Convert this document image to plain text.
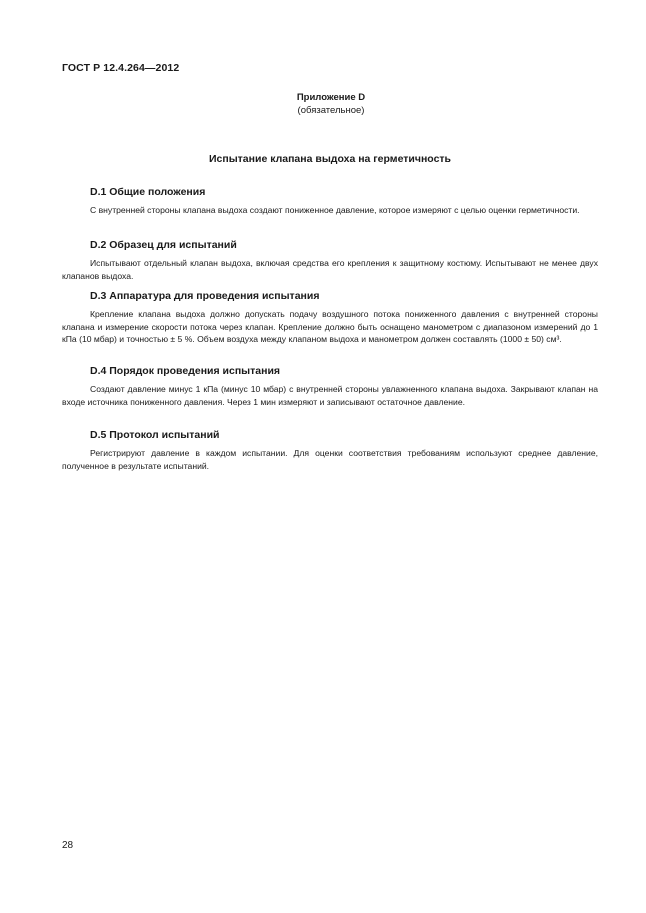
ГОСТ Р 12.4.264—2012
Приложение D
(обязательное)
Испытание клапана выдоха на герметичность
D.1 Общие положения

С внутренней стороны клапана выдоха создают пониженное давление, которое измеряют с целью оценки герметичности.

D.2 Образец для испытаний

Испытывают отдельный клапан выдоха, включая средства его крепления к защитному костюму. Испытывают не менее двух клапанов выдоха.

D.3 Аппаратура для проведения испытания

Крепление клапана выдоха должно допускать подачу воздушного потока пониженного давления с внутренней стороны клапана и измерение скорости потока через клапан. Крепление должно быть оснащено манометром с диапазоном измерений до 1 кПа (10 мбар) и точностью ± 5 %. Объем воздуха между клапаном выдоха и манометром должен составлять (1000 ± 50) см³.

D.4 Порядок проведения испытания

Создают давление минус 1 кПа (минус 10 мбар) с внутренней стороны увлажненного клапана выдоха. Закрывают клапан на входе источника пониженного давления. Через 1 мин измеряют и записывают остаточное давление.

D.5 Протокол испытаний

Регистрируют давление в каждом испытании. Для оценки соответствия требованиям используют среднее давление, полученное в результате испытаний.

28
